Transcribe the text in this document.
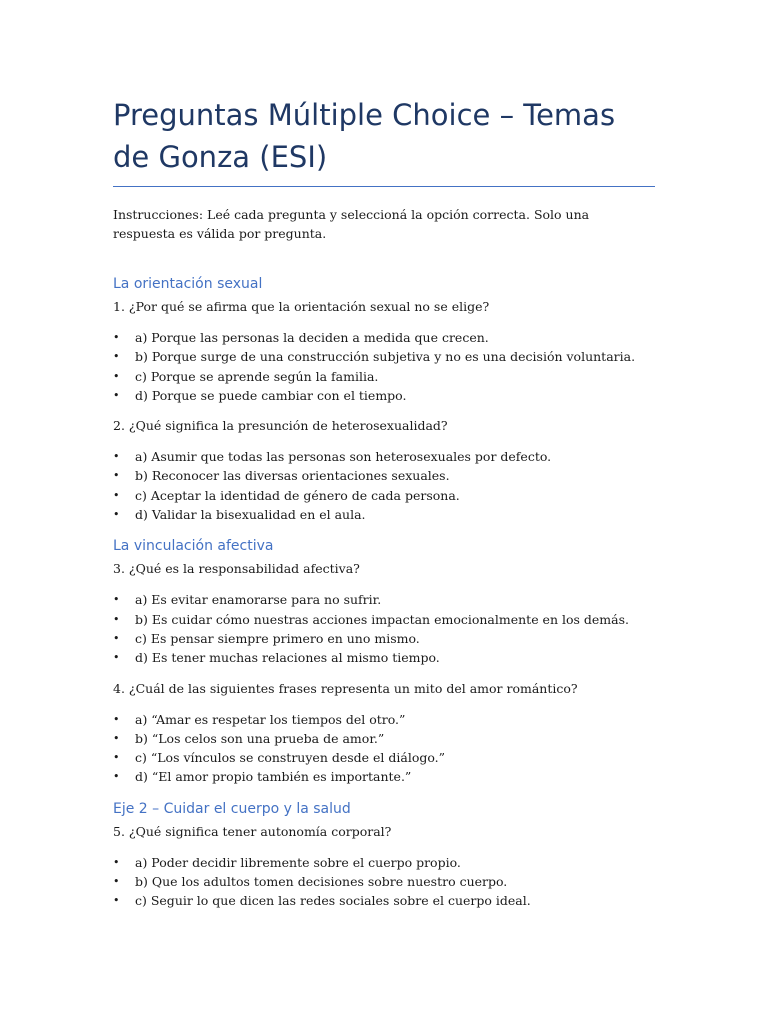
Preguntas Múltiple Choice – Temas de Gonza (ESI)

Instrucciones: Leé cada pregunta y seleccioná la opción correcta. Solo una respuesta es válida por pregunta.

La orientación sexual

1. ¿Por qué se afirma que la orientación sexual no se elige?

• a) Porque las personas la deciden a medida que crecen.
• b) Porque surge de una construcción subjetiva y no es una decisión voluntaria.
• c) Porque se aprende según la familia.
• d) Porque se puede cambiar con el tiempo.

2. ¿Qué significa la presunción de heterosexualidad?

• a) Asumir que todas las personas son heterosexuales por defecto.
• b) Reconocer las diversas orientaciones sexuales.
• c) Aceptar la identidad de género de cada persona.
• d) Validar la bisexualidad en el aula.
La vinculación afectiva

3. ¿Qué es la responsabilidad afectiva?

• a) Es evitar enamorarse para no sufrir.
• b) Es cuidar cómo nuestras acciones impactan emocionalmente en los demás.
• c) Es pensar siempre primero en uno mismo.
• d) Es tener muchas relaciones al mismo tiempo.

4. ¿Cuál de las siguientes frases representa un mito del amor romántico?

• a) “Amar es respetar los tiempos del otro.”
• b) “Los celos son una prueba de amor.”
• c) “Los vínculos se construyen desde el diálogo.”
• d) “El amor propio también es importante.”
Eje 2 – Cuidar el cuerpo y la salud

5. ¿Qué significa tener autonomía corporal?

• a) Poder decidir libremente sobre el cuerpo propio.
• b) Que los adultos tomen decisiones sobre nuestro cuerpo.
• c) Seguir lo que dicen las redes sociales sobre el cuerpo ideal.
